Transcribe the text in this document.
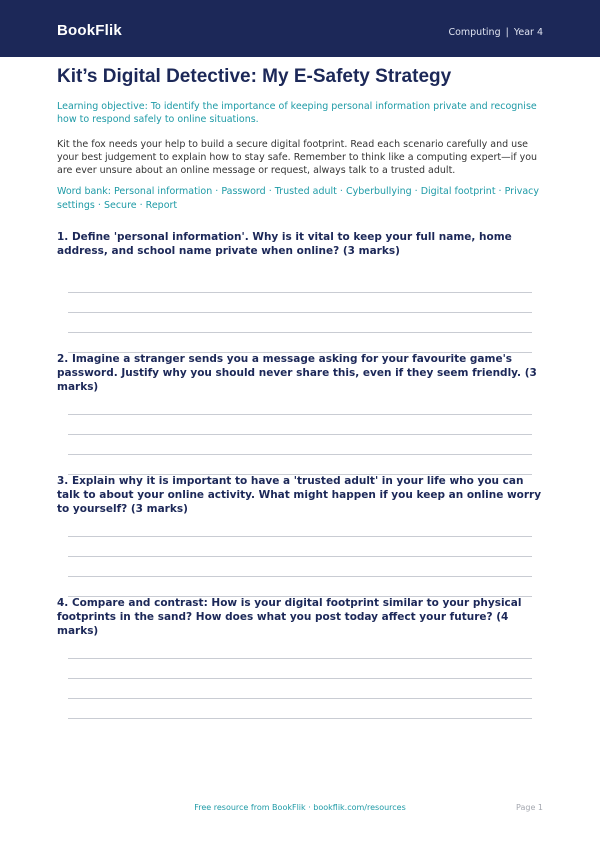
BookFlik	Computing | Year 4
Kit’s Digital Detective: My E-Safety Strategy

Learning objective: To identify the importance of keeping personal information private and recognise how to respond safely to online situations.

Kit the fox needs your help to build a secure digital footprint. Read each scenario carefully and use your best judgement to explain how to stay safe. Remember to think like a computing expert—if you are ever unsure about an online message or request, always talk to a trusted adult.

Word bank: Personal information · Password · Trusted adult · Cyberbullying · Digital footprint · Privacy settings · Secure · Report

1. Define 'personal information'. Why is it vital to keep your full name, home address, and school name private when online? (3 marks)

2. Imagine a stranger sends you a message asking for your favourite game's password. Justify why you should never share this, even if they seem friendly. (3 marks)

3. Explain why it is important to have a 'trusted adult' in your life who you can talk to about your online activity. What might happen if you keep an online worry to yourself? (3 marks)

4. Compare and contrast: How is your digital footprint similar to your physical footprints in the sand? How does what you post today affect your future? (4 marks)

Free resource from BookFlik · bookflik.com/resources	Page 1
